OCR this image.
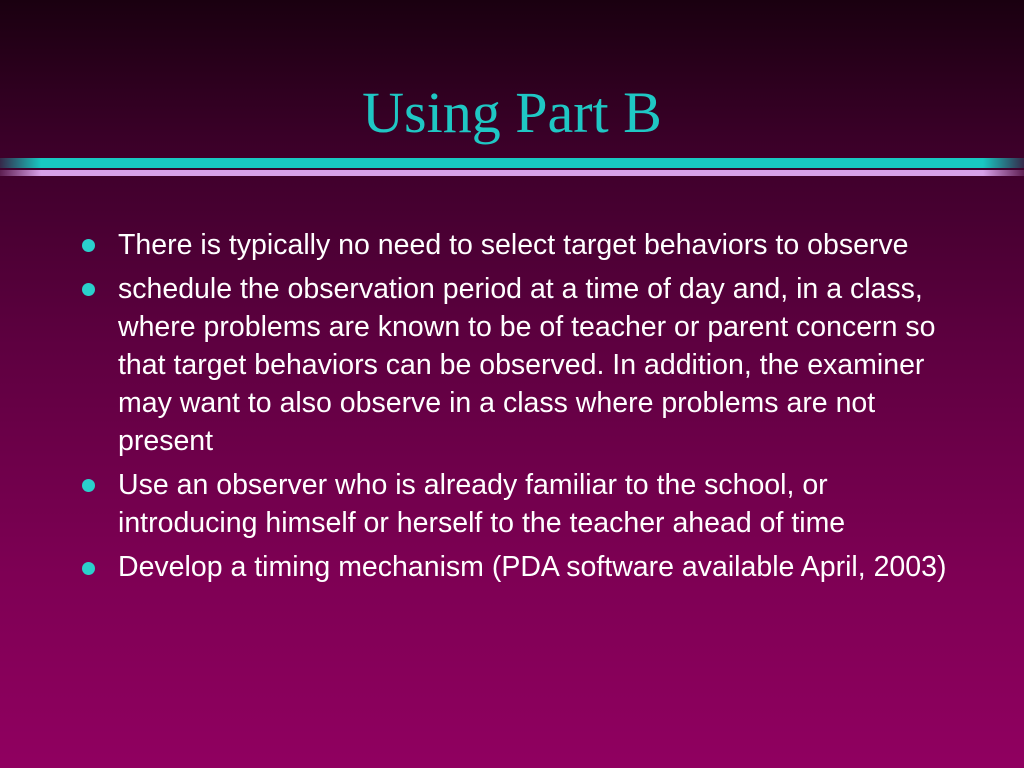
Using Part B
There is typically no need to select target behaviors to observe
schedule the observation period at a time of day and, in a class, where problems are known to be of teacher or parent concern so that target behaviors can be observed. In addition, the examiner may want to also observe in a class where problems are not present
Use an observer who is already familiar to the school, or introducing himself or herself to the teacher ahead of time
Develop a timing mechanism (PDA software available April, 2003)
